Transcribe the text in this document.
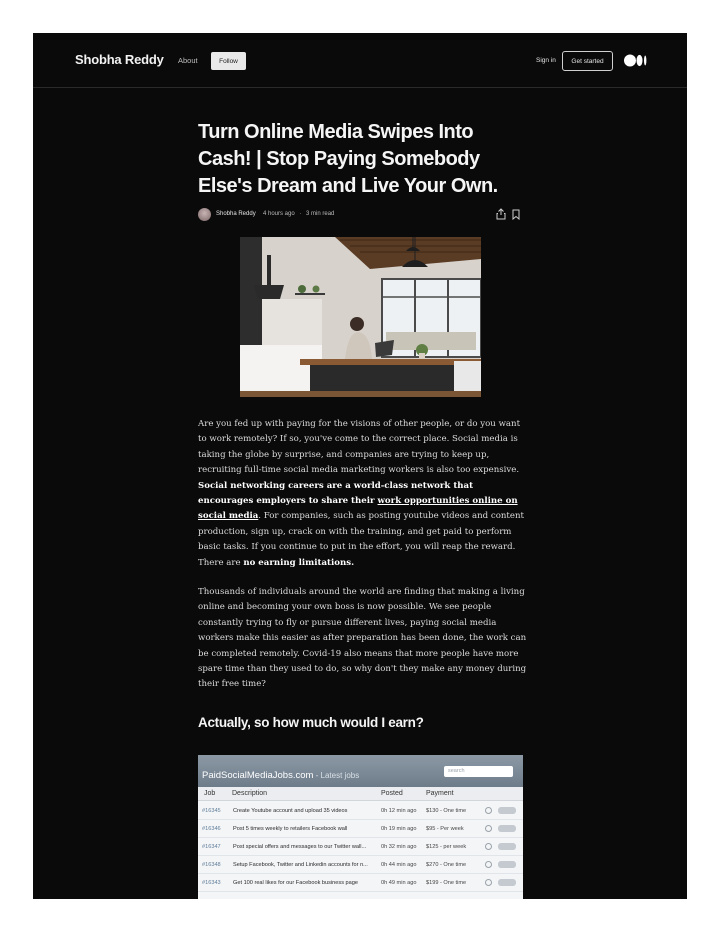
Shobha Reddy About	Follow	Sign in	Get started
Turn Online Media Swipes Into Cash! | Stop Paying Somebody Else's Dream and Live Your Own.
Shobha Reddy 4 hours ago · 3 min read

Are you fed up with paying for the visions of other people, or do you want to work remotely? If so, you've come to the correct place. Social media is taking the globe by surprise, and companies are trying to keep up, recruiting full-time social media marketing workers is also too expensive. Social networking careers are a world-class network that encourages employers to share their work opportunities online on social media. For companies, such as posting youtube videos and content production, sign up, crack on with the training, and get paid to perform basic tasks. If you continue to put in the effort, you will reap the reward. There are no earning limitations.

Thousands of individuals around the world are finding that making a living online and becoming your own boss is now possible. We see people constantly trying to fly or pursue different lives, paying social media workers make this easier as after preparation has been done, the work can be completed remotely. Covid-19 also means that more people have more spare time than they used to do, so why don't they make any money during their free time?

Actually, so how much would I earn?
PaidSocialMediaJobs.com - Latest jobs	search
Job Description	Posted	Payment
#16345 Create Youtube account and upload 35 videos	0h 12 min ago $130 - One time
#16346 Post 5 times weekly to retailers Facebook wall	0h 19 min ago $95 - Per week
#16347 Post special offers and messages to our Twitter wall...	0h 32 min ago $125 - per week
#16348 Setup Facebook, Twitter and Linkedin accounts for n... 0h 44 min ago $270 - One time
#16343 Get 100 real likes for our Facebook business page	0h 49 min ago $199 - One time
